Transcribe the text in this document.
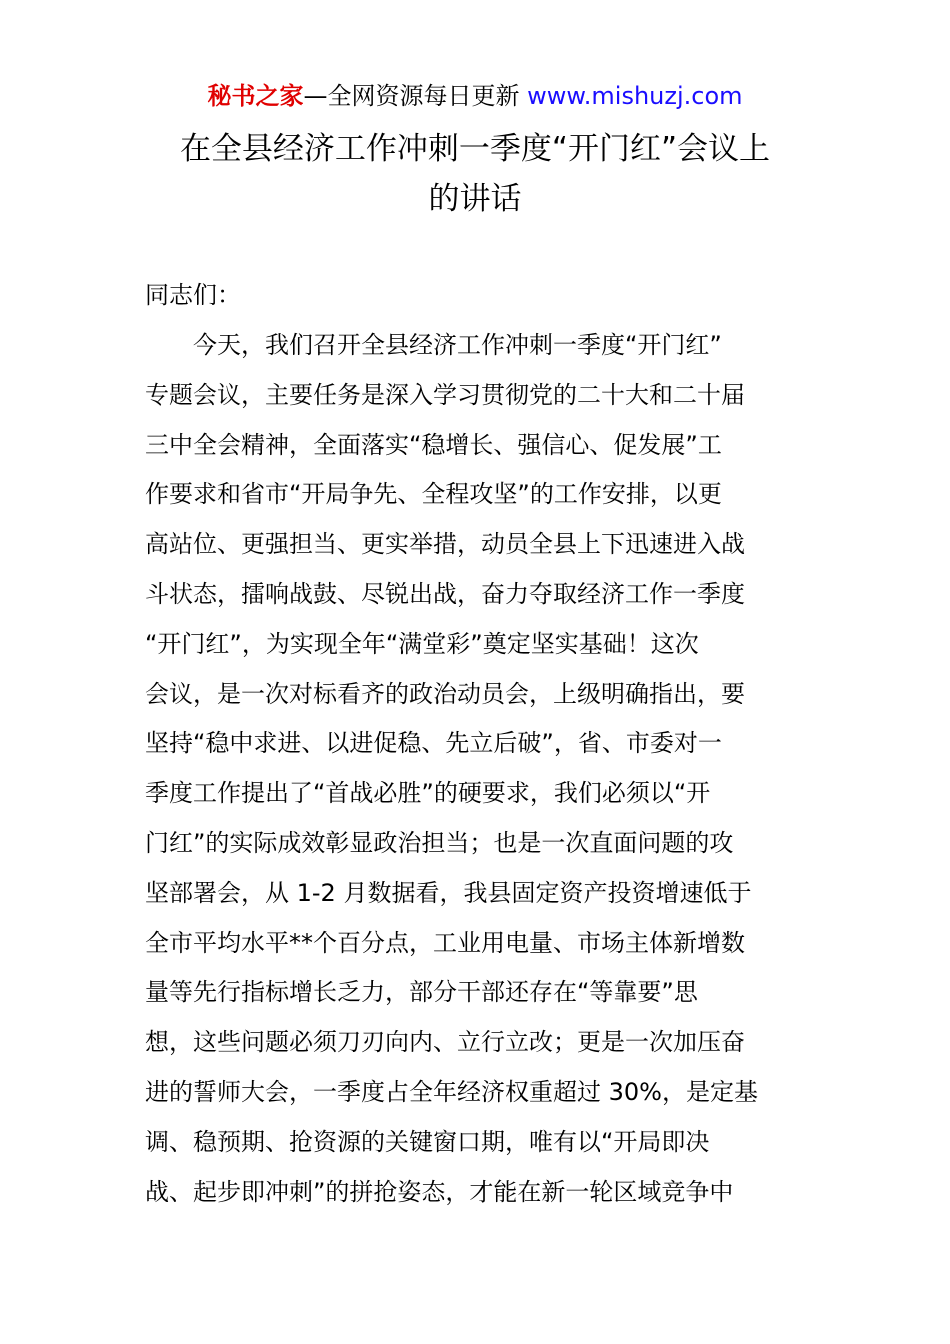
秘书之家—全网资源每日更新 www.mishuzj.com
在全县经济工作冲刺一季度“开门红”会议上
的讲话
同志们：
今天，我们召开全县经济工作冲刺一季度“开门红”
专题会议，主要任务是深入学习贯彻党的二十大和二十届
三中全会精神，全面落实“稳增长、强信心、促发展”工
作要求和省市“开局争先、全程攻坚”的工作安排，以更
高站位、更强担当、更实举措，动员全县上下迅速进入战
斗状态，擂响战鼓、尽锐出战，奋力夺取经济工作一季度
“开门红”，为实现全年“满堂彩”奠定坚实基础！这次
会议，是一次对标看齐的政治动员会，上级明确指出，要
坚持“稳中求进、以进促稳、先立后破”，省、市委对一
季度工作提出了“首战必胜”的硬要求，我们必须以“开
门红”的实际成效彰显政治担当；也是一次直面问题的攻
坚部署会，从 1-2 月数据看，我县固定资产投资增速低于
全市平均水平**个百分点，工业用电量、市场主体新增数
量等先行指标增长乏力，部分干部还存在“等靠要”思
想，这些问题必须刀刃向内、立行立改；更是一次加压奋
进的誓师大会，一季度占全年经济权重超过 30%，是定基
调、稳预期、抢资源的关键窗口期，唯有以“开局即决
战、起步即冲刺”的拼抢姿态，才能在新一轮区域竞争中
